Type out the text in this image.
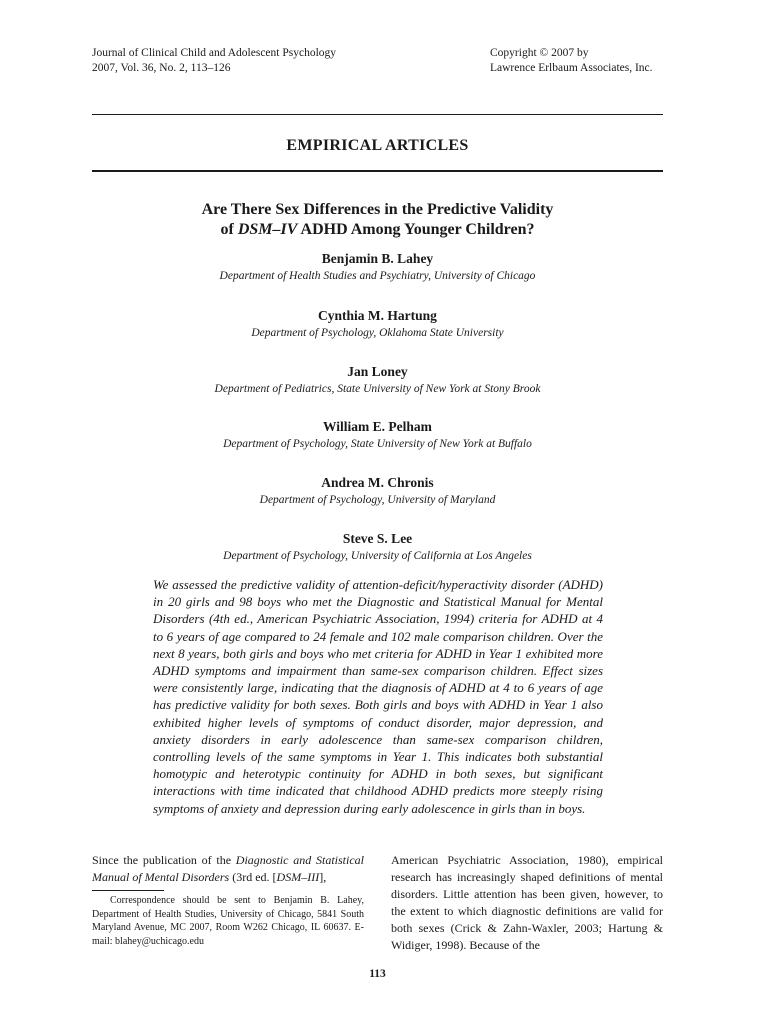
Journal of Clinical Child and Adolescent Psychology
2007, Vol. 36, No. 2, 113–126
Copyright © 2007 by
Lawrence Erlbaum Associates, Inc.
EMPIRICAL ARTICLES
Are There Sex Differences in the Predictive Validity
of DSM–IV ADHD Among Younger Children?
Benjamin B. Lahey
Department of Health Studies and Psychiatry, University of Chicago
Cynthia M. Hartung
Department of Psychology, Oklahoma State University
Jan Loney
Department of Pediatrics, State University of New York at Stony Brook
William E. Pelham
Department of Psychology, State University of New York at Buffalo
Andrea M. Chronis
Department of Psychology, University of Maryland
Steve S. Lee
Department of Psychology, University of California at Los Angeles
We assessed the predictive validity of attention-deficit/hyperactivity disorder (ADHD) in 20 girls and 98 boys who met the Diagnostic and Statistical Manual for Mental Disorders (4th ed., American Psychiatric Association, 1994) criteria for ADHD at 4 to 6 years of age compared to 24 female and 102 male comparison children. Over the next 8 years, both girls and boys who met criteria for ADHD in Year 1 exhibited more ADHD symptoms and impairment than same-sex comparison children. Effect sizes were consistently large, indicating that the diagnosis of ADHD at 4 to 6 years of age has predictive validity for both sexes. Both girls and boys with ADHD in Year 1 also exhibited higher levels of symptoms of conduct disorder, major depression, and anxiety disorders in early adolescence than same-sex comparison children, controlling levels of the same symptoms in Year 1. This indicates both substantial homotypic and heterotypic continuity for ADHD in both sexes, but significant interactions with time indicated that childhood ADHD predicts more steeply rising symptoms of anxiety and depression during early adolescence in girls than in boys.
Since the publication of the Diagnostic and Statistical Manual of Mental Disorders (3rd ed. [DSM–III],
Correspondence should be sent to Benjamin B. Lahey, Department of Health Studies, University of Chicago, 5841 South Maryland Avenue, MC 2007, Room W262 Chicago, IL 60637. E-mail: blahey@uchicago.edu
American Psychiatric Association, 1980), empirical research has increasingly shaped definitions of mental disorders. Little attention has been given, however, to the extent to which diagnostic definitions are valid for both sexes (Crick & Zahn-Waxler, 2003; Hartung & Widiger, 1998). Because of the
113
